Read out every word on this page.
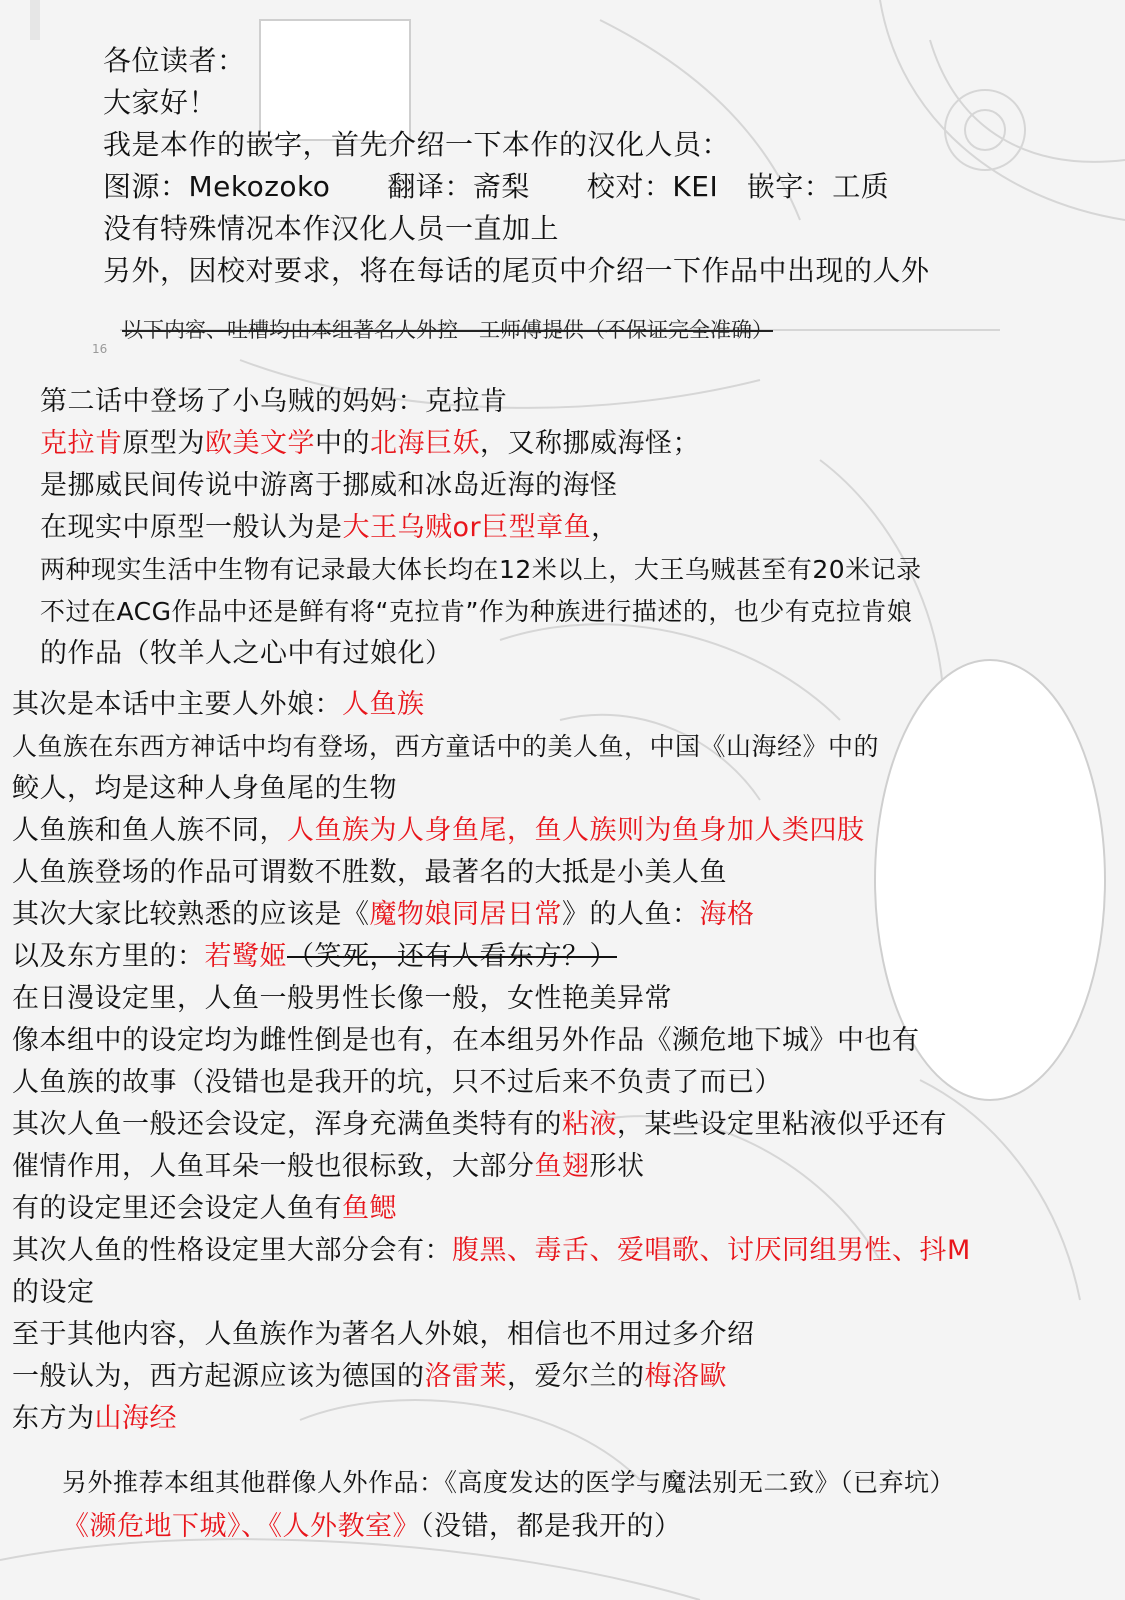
各位读者：
大家好！
我是本作的嵌字，首先介绍一下本作的汉化人员：
图源：Mekozoko　　翻译：斋梨　　校对：KEI　嵌字：工质
没有特殊情况本作汉化人员一直加上
另外，因校对要求，将在每话的尾页中介绍一下作品中出现的人外
16
以下内容、吐槽均由本组著名人外控—工师傅提供（不保证完全准确）
第二话中登场了小乌贼的妈妈：克拉肯
克拉肯原型为欧美文学中的北海巨妖，又称挪威海怪；
是挪威民间传说中游离于挪威和冰岛近海的海怪
在现实中原型一般认为是大王乌贼or巨型章鱼，
两种现实生活中生物有记录最大体长均在12米以上，大王乌贼甚至有20米记录
不过在ACG作品中还是鲜有将“克拉肯”作为种族进行描述的，也少有克拉肯娘
的作品（牧羊人之心中有过娘化）
其次是本话中主要人外娘：人鱼族
人鱼族在东西方神话中均有登场，西方童话中的美人鱼，中国《山海经》中的
鲛人，均是这种人身鱼尾的生物
人鱼族和鱼人族不同，人鱼族为人身鱼尾，鱼人族则为鱼身加人类四肢
人鱼族登场的作品可谓数不胜数，最著名的大抵是小美人鱼
其次大家比较熟悉的应该是《魔物娘同居日常》的人鱼：海格
以及东方里的：若鹭姬（笑死，还有人看东方？）
在日漫设定里，人鱼一般男性长像一般，女性艳美异常
像本组中的设定均为雌性倒是也有，在本组另外作品《濒危地下城》中也有
人鱼族的故事（没错也是我开的坑，只不过后来不负责了而已）
其次人鱼一般还会设定，浑身充满鱼类特有的粘液，某些设定里粘液似乎还有
催情作用，人鱼耳朵一般也很标致，大部分鱼翅形状
有的设定里还会设定人鱼有鱼鳃
其次人鱼的性格设定里大部分会有：腹黑、毒舌、爱唱歌、讨厌同组男性、抖M
的设定
至于其他内容，人鱼族作为著名人外娘，相信也不用过多介绍
一般认为，西方起源应该为德国的洛雷莱，爱尔兰的梅洛歐
东方为山海经
另外推荐本组其他群像人外作品：《高度发达的医学与魔法别无二致》（已弃坑）
《濒危地下城》、《人外教室》（没错，都是我开的）
